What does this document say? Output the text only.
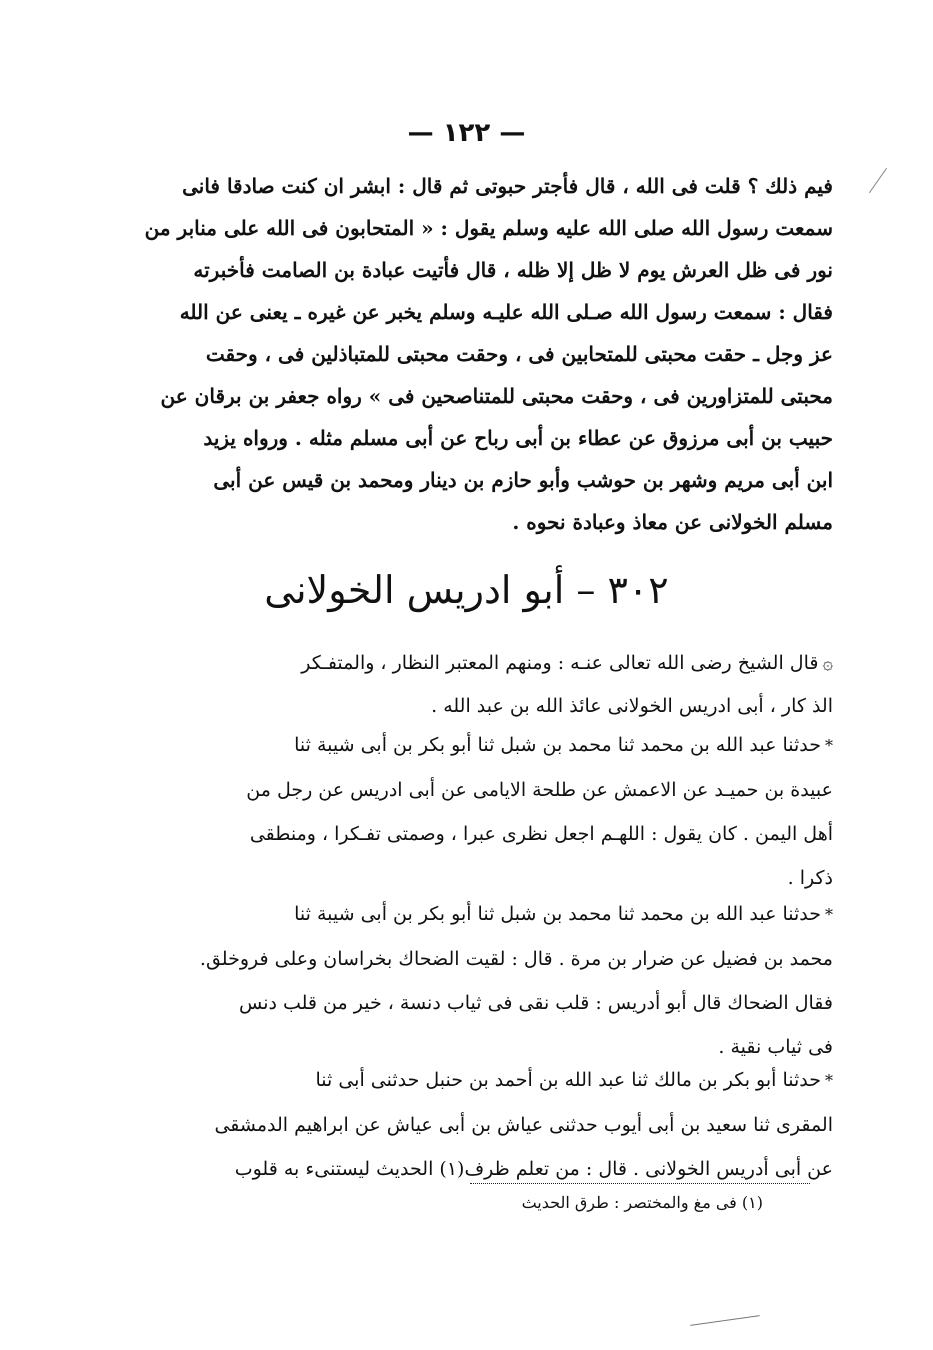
— ١٢٢ —
فيم ذلك ؟ قلت فى الله ، قال فأجتر حبوتى ثم قال : ابشر ان كنت صادقا فانى
سمعت رسول الله صلى الله عليه وسلم يقول : « المتحابون فى الله على منابر من
نور فى ظل العرش يوم لا ظل إلا ظله ، قال فأتيت عبادة بن الصامت فأخبرته
فقال : سمعت رسول الله صـلى الله عليـه وسلم يخبر عن غيره ـ يعنى عن الله
عز وجل ـ حقت محبتى للمتحابين فى ، وحقت محبتى للمتباذلين فى ، وحقت
محبتى للمتزاورين فى ، وحقت محبتى للمتناصحين فى » رواه جعفر بن برقان عن
حبيب بن أبى مرزوق عن عطاء بن أبى رباح عن أبى مسلم مثله . ورواه يزيد
ابن أبى مريم وشهر بن حوشب وأبو حازم بن دينار ومحمد بن قيس عن أبى
مسلم الخولانى عن معاذ وعبادة نحوه .
٣٠٢ – أبو ادريس الخولانى
۞قال الشيخ رضى الله تعالى عنـه : ومنهم المعتبر النظار ، والمتفـكر
الذ كار ، أبى ادريس الخولانى عائذ الله بن عبد الله .
*حدثنا عبد الله بن محمد ثنا محمد بن شبل ثنا أبو بكر بن أبى شيبة ثنا
عبيدة بن حميـد عن الاعمش عن طلحة الايامى عن أبى ادريس عن رجل من
أهل اليمن . كان يقول : اللهـم اجعل نظرى عبرا ، وصمتى تفـكرا ، ومنطقى
ذكرا .
*حدثنا عبد الله بن محمد ثنا محمد بن شبل ثنا أبو بكر بن أبى شيبة ثنا
محمد بن فضيل عن ضرار بن مرة . قال : لقيت الضحاك بخراسان وعلى فروخلق.
فقال الضحاك قال أبو أدريس : قلب نقى فى ثياب دنسة ، خير من قلب دنس
فى ثياب نقية .
*حدثنا أبو بكر بن مالك ثنا عبد الله بن أحمد بن حنبل حدثنى أبى ثنا
المقرى ثنا سعيد بن أبى أيوب حدثنى عياش بن أبى عياش عن ابراهيم الدمشقى
عن أبى أدريس الخولانى . قال : من تعلم ظرف(١) الحديث ليستنىء به قلوب
(١) فى مغ والمختصر : طرق الحديث
